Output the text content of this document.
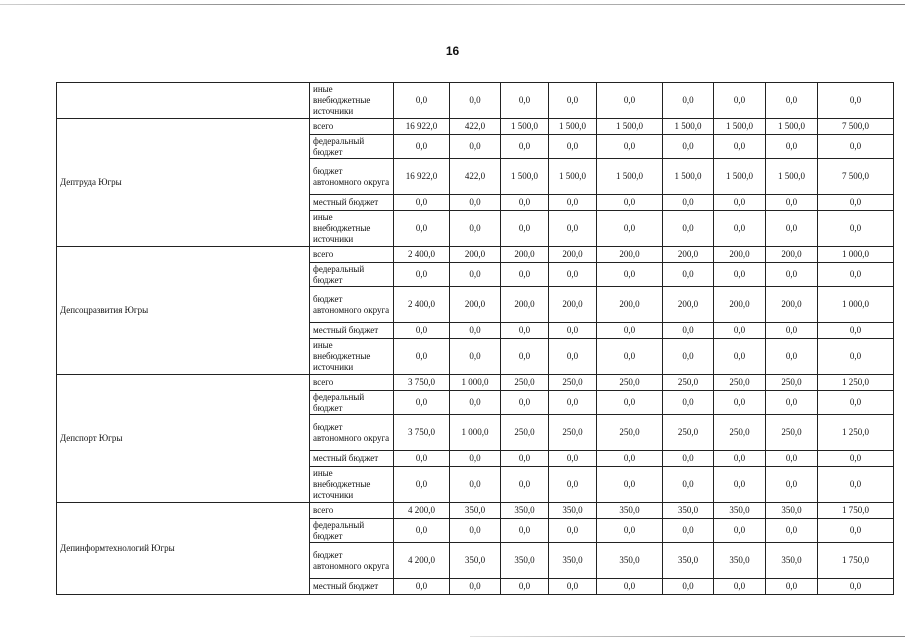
16
	иные внебюджетные источники	0,0	0,0	0,0	0,0	0,0	0,0	0,0	0,0	0,0
Дептруда Югры	всего	16 922,0	422,0	1 500,0	1 500,0	1 500,0	1 500,0	1 500,0	1 500,0	7 500,0
	федеральный бюджет	0,0	0,0	0,0	0,0	0,0	0,0	0,0	0,0	0,0
	бюджет автономного округа	16 922,0	422,0	1 500,0	1 500,0	1 500,0	1 500,0	1 500,0	1 500,0	7 500,0
	местный бюджет	0,0	0,0	0,0	0,0	0,0	0,0	0,0	0,0	0,0
	иные внебюджетные источники	0,0	0,0	0,0	0,0	0,0	0,0	0,0	0,0	0,0
Депсоцразвития Югры	всего	2 400,0	200,0	200,0	200,0	200,0	200,0	200,0	200,0	1 000,0
	федеральный бюджет	0,0	0,0	0,0	0,0	0,0	0,0	0,0	0,0	0,0
	бюджет автономного округа	2 400,0	200,0	200,0	200,0	200,0	200,0	200,0	200,0	1 000,0
	местный бюджет	0,0	0,0	0,0	0,0	0,0	0,0	0,0	0,0	0,0
	иные внебюджетные источники	0,0	0,0	0,0	0,0	0,0	0,0	0,0	0,0	0,0
Депспорт Югры	всего	3 750,0	1 000,0	250,0	250,0	250,0	250,0	250,0	250,0	1 250,0
	федеральный бюджет	0,0	0,0	0,0	0,0	0,0	0,0	0,0	0,0	0,0
	бюджет автономного округа	3 750,0	1 000,0	250,0	250,0	250,0	250,0	250,0	250,0	1 250,0
	местный бюджет	0,0	0,0	0,0	0,0	0,0	0,0	0,0	0,0	0,0
	иные внебюджетные источники	0,0	0,0	0,0	0,0	0,0	0,0	0,0	0,0	0,0
Депинформтехнологий Югры	всего	4 200,0	350,0	350,0	350,0	350,0	350,0	350,0	350,0	1 750,0
	федеральный бюджет	0,0	0,0	0,0	0,0	0,0	0,0	0,0	0,0	0,0
	бюджет автономного округа	4 200,0	350,0	350,0	350,0	350,0	350,0	350,0	350,0	1 750,0
	местный бюджет	0,0	0,0	0,0	0,0	0,0	0,0	0,0	0,0	0,0
